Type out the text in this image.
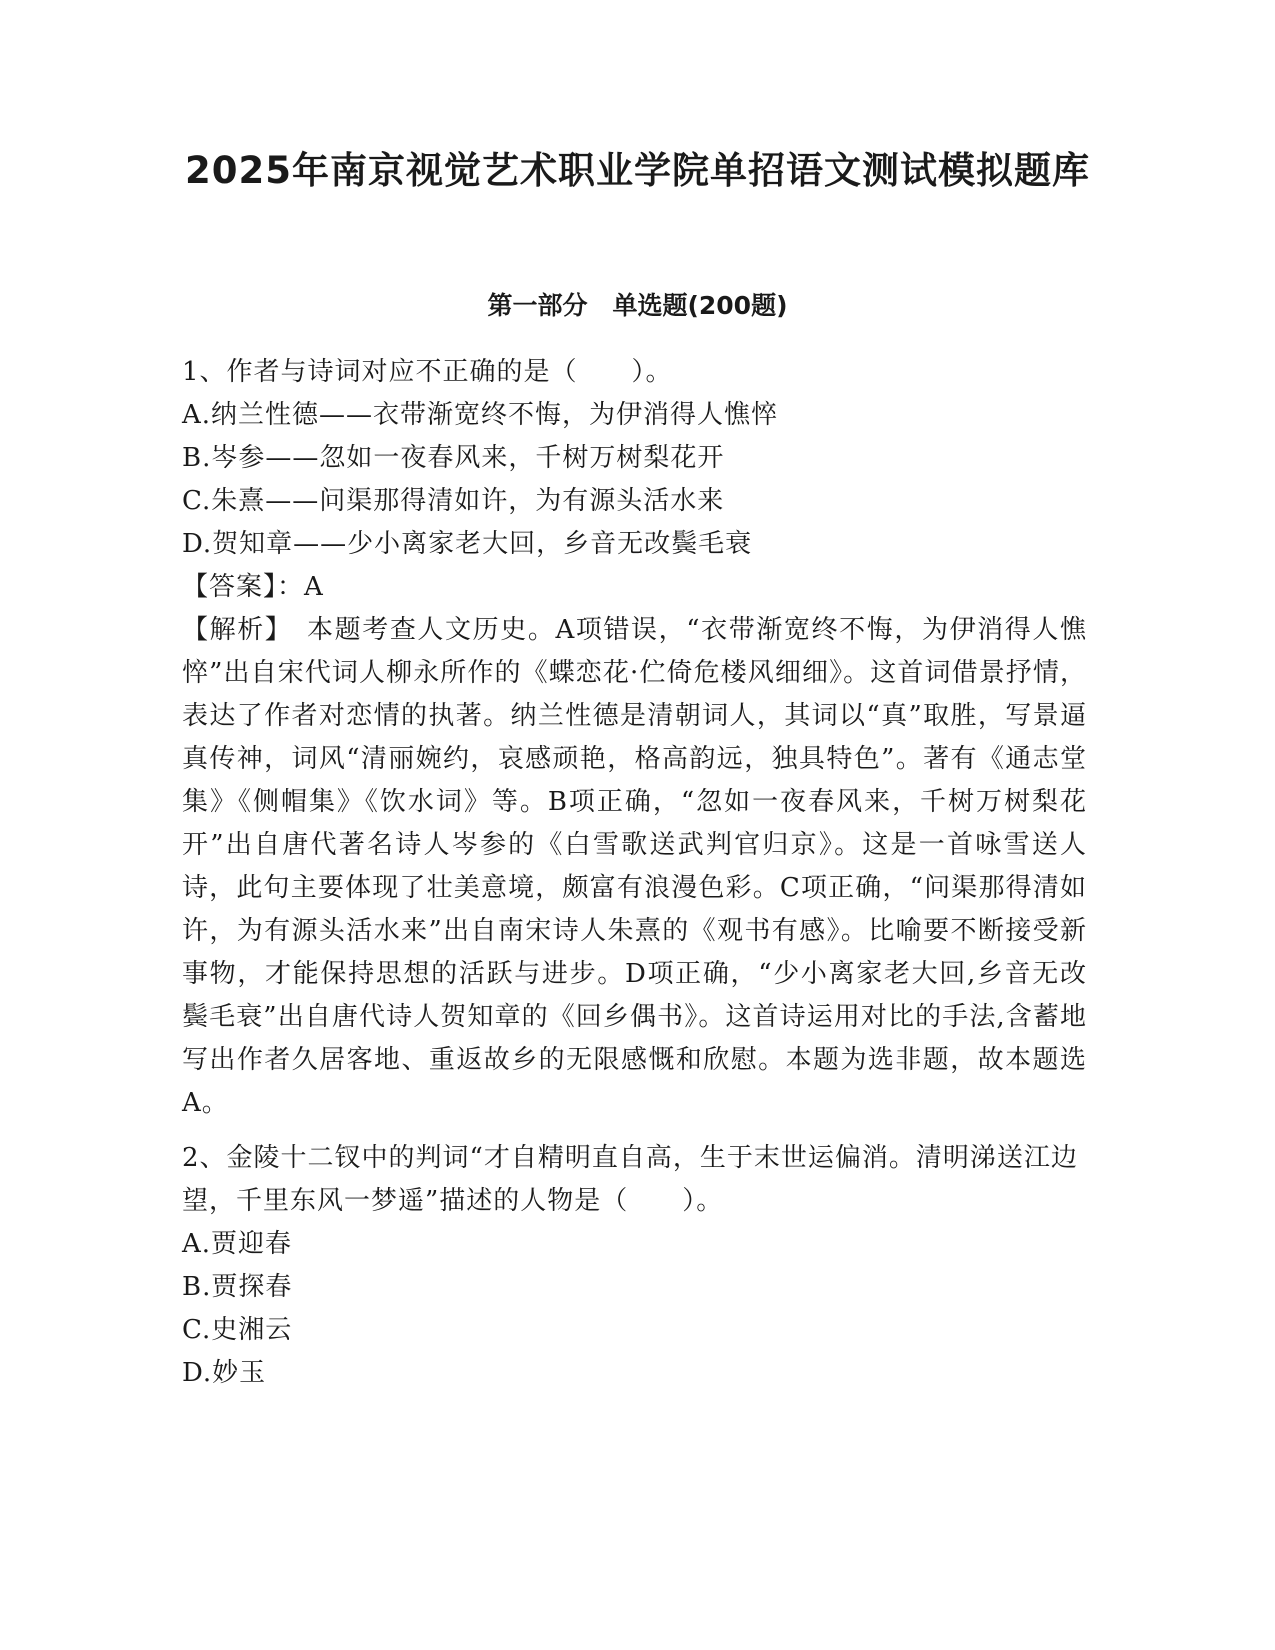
2025年南京视觉艺术职业学院单招语文测试模拟题库
第一部分　单选题(200题)

1、作者与诗词对应不正确的是（　　）。

A.纳兰性德——衣带渐宽终不悔，为伊消得人憔悴

B.岑参——忽如一夜春风来，千树万树梨花开

C.朱熹——问渠那得清如许，为有源头活水来

D.贺知章——少小离家老大回，乡音无改鬓毛衰

【答案】：A

【解析】　本题考查人文历史。A项错误，“衣带渐宽终不悔，为伊消得人憔悴”出自宋代词人柳永所作的《蝶恋花·伫倚危楼风细细》。这首词借景抒情，表达了作者对恋情的执著。纳兰性德是清朝词人，其词以“真”取胜，写景逼真传神，词风“清丽婉约，哀感顽艳，格高韵远，独具特色”。著有《通志堂集》《侧帽集》《饮水词》等。B项正确，“忽如一夜春风来，千树万树梨花开”出自唐代著名诗人岑参的《白雪歌送武判官归京》。这是一首咏雪送人诗，此句主要体现了壮美意境，颇富有浪漫色彩。C项正确，“问渠那得清如许，为有源头活水来”出自南宋诗人朱熹的《观书有感》。比喻要不断接受新事物，才能保持思想的活跃与进步。D项正确，“少小离家老大回,乡音无改鬓毛衰”出自唐代诗人贺知章的《回乡偶书》。这首诗运用对比的手法,含蓄地写出作者久居客地、重返故乡的无限感慨和欣慰。本题为选非题，故本题选A。

2、金陵十二钗中的判词“才自精明直自高，生于末世运偏消。清明涕送江边望，千里东风一梦遥”描述的人物是（　　）。

A.贾迎春

B.贾探春

C.史湘云

D.妙玉
